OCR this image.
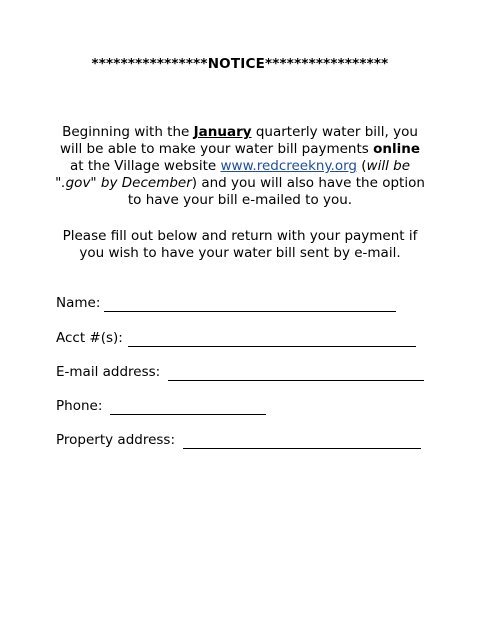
****************NOTICE*****************
Beginning with the January quarterly water bill, you will be able to make your water bill payments online at the Village website www.redcreekny.org (will be ".gov" by December) and you will also have the option to have your bill e-mailed to you.
Please fill out below and return with your payment if you wish to have your water bill sent by e-mail.
Name:
Acct #(s):
E-mail address:
Phone:
Property address:
